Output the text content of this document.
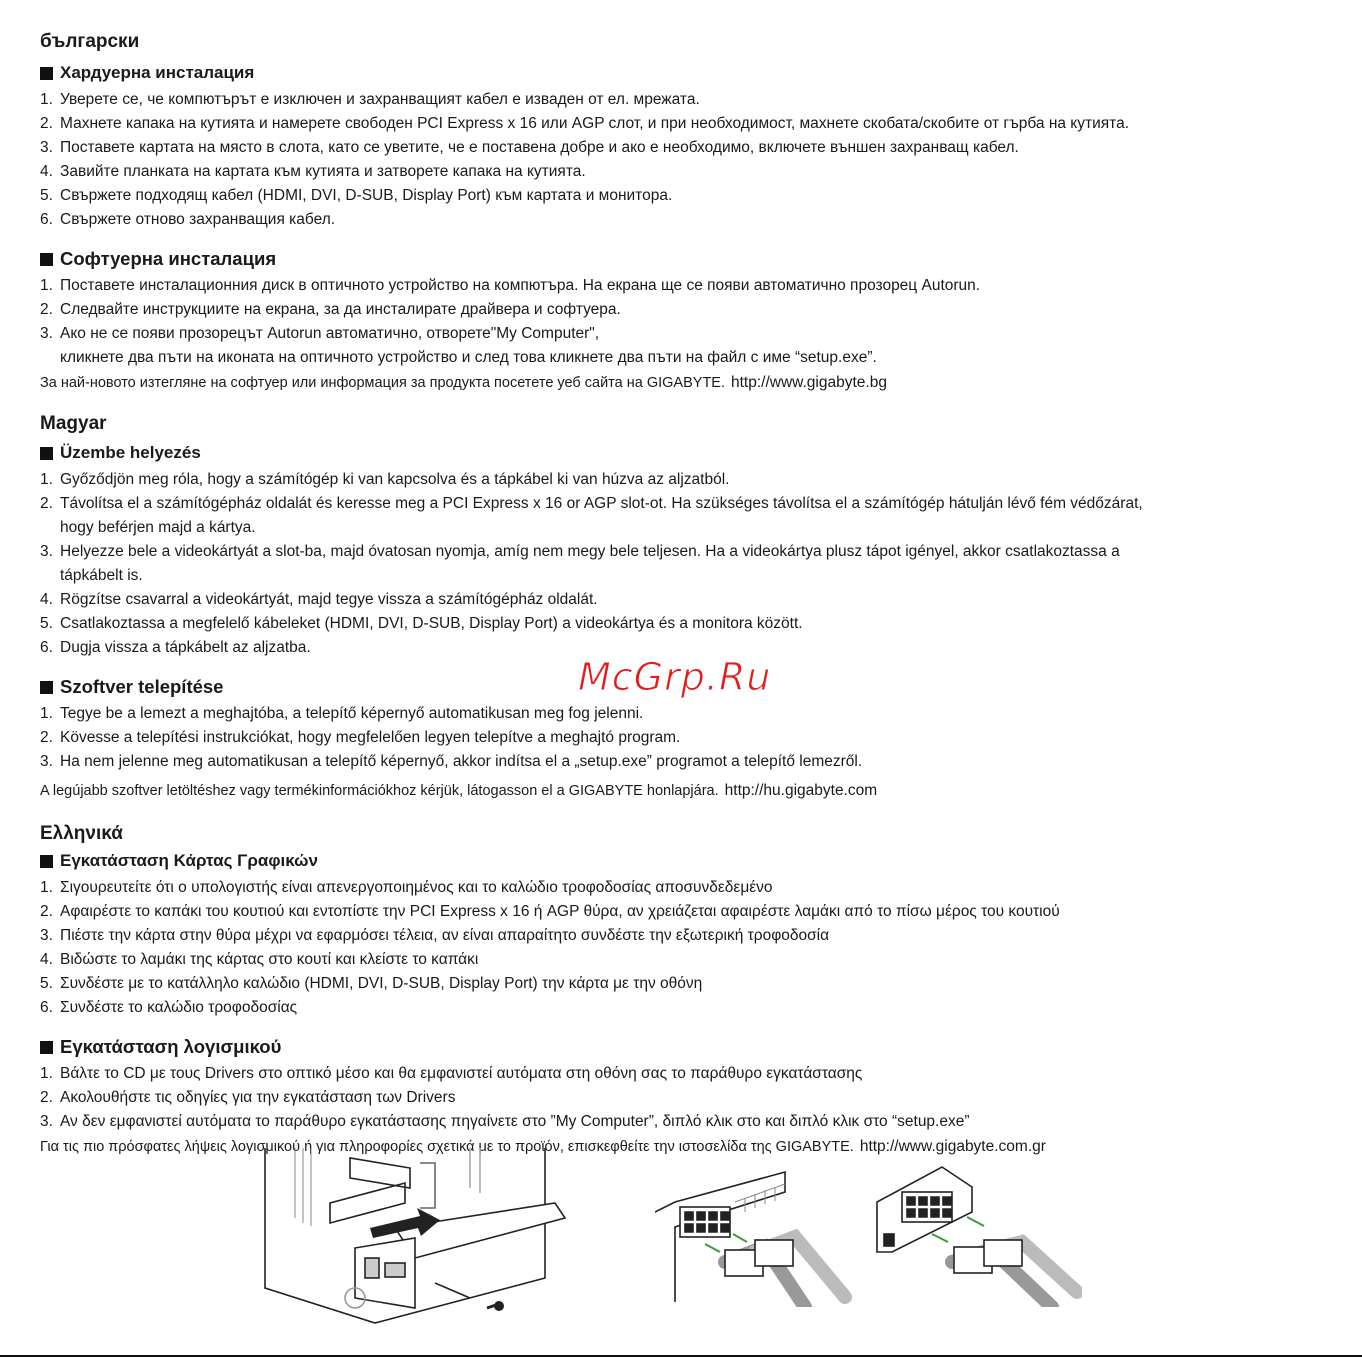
български
Хардуерна инсталация
1. Уверете се, че компютърът е изключен и захранващият кабел е изваден от ел. мрежата.
2. Махнете капака на кутията и намерете свободен PCI Express x 16 или AGP слот, и при необходимост, махнете скобата/скобите от гърба на кутията.
3. Поставете картата на място в слота, като се уветите, че е поставена добре и ако е необходимо, включете външен захранващ кабел.
4. Завийте планката на картата към кутията и затворете капака на кутията.
5. Свържете подходящ кабел (HDMI, DVI, D-SUB, Display Port) към картата и монитора.
6. Свържете отново захранващия кабел.
Софтуерна инсталация
1. Поставете инсталационния диск в оптичното устройство на компютъра. На екрана ще се появи автоматично прозорец Autorun.
2. Следвайте инструкциите на екрана, за да инсталирате драйвера и софтуера.
3. Ако не се появи прозорецът Autorun автоматично, отворете"My Computer",
кликнете два пъти на иконата на оптичното устройство и след това кликнете два пъти на файл с име “setup.exe”.
За най-новото изтегляне на софтуер или информация за продукта посетете уеб сайта на GIGABYTE. http://www.gigabyte.bg
Magyar
Üzembe helyezés
1. Győződjön meg róla, hogy a számítógép ki van kapcsolva és a tápkábel ki van húzva az aljzatból.
2. Távolítsa el a számítógépház oldalát és keresse meg a PCI Express x 16 or AGP slot-ot. Ha szükséges távolítsa el a számítógép hátulján lévő fém védőzárat,
hogy beférjen majd a kártya.
3. Helyezze bele a videokártyát a slot-ba, majd óvatosan nyomja, amíg nem megy bele teljesen. Ha a videokártya plusz tápot igényel, akkor csatlakoztassa a
tápkábelt is.
4. Rögzítse csavarral a videokártyát, majd tegye vissza a számítógépház oldalát.
5. Csatlakoztassa a megfelelő kábeleket (HDMI, DVI, D-SUB, Display Port) a videokártya és a monitora között.
6. Dugja vissza a tápkábelt az aljzatba.
Szoftver telepítése
1. Tegye be a lemezt a meghajtóba, a telepítő képernyő automatikusan meg fog jelenni.
2. Kövesse a telepítési instrukciókat, hogy megfelelően legyen telepítve a meghajtó program.
3. Ha nem jelenne meg automatikusan a telepítő képernyő, akkor indítsa el a „setup.exe” programot a telepítő lemezről.
A legújabb szoftver letöltéshez vagy termékinformációkhoz kérjük, látogasson el a GIGABYTE honlapjára. http://hu.gigabyte.com
Ελληνικά
Εγκατάσταση Κάρτας Γραφικών
1. Σιγουρευτείτε ότι ο υπολογιστής είναι απενεργοποιημένος και το καλώδιο τροφοδοσίας αποσυνδεδεμένο
2. Αφαιρέστε το καπάκι του κουτιού και εντοπίστε την PCI Express x 16 ή AGP θύρα, αν χρειάζεται αφαιρέστε λαμάκι από το πίσω μέρος του κουτιού
3. Πιέστε την κάρτα στην θύρα μέχρι να εφαρμόσει τέλεια, αν είναι απαραίτητο συνδέστε την εξωτερική τροφοδοσία
4. Βιδώστε το λαμάκι της κάρτας στο κουτί και κλείστε το καπάκι
5. Συνδέστε με το κατάλληλο καλώδιο (HDMI, DVI, D-SUB, Display Port) την κάρτα με την οθόνη
6. Συνδέστε το καλώδιο τροφοδοσίας
Εγκατάσταση λογισμικού
1. Βάλτε το CD με τους Drivers στο οπτικό μέσο και θα εμφανιστεί αυτόματα στη οθόνη σας το παράθυρο εγκατάστασης
2. Ακολουθήστε τις οδηγίες για την εγκατάσταση των Drivers
3. Αν δεν εμφανιστεί αυτόματα το παράθυρο εγκατάστασης πηγαίνετε στο ”My Computer”, διπλό κλικ στο και διπλό κλικ στο “setup.exe”
Για τις πιο πρόσφατες λήψεις λογισμικού ή για πληροφορίες σχετικά με το προϊόν, επισκεφθείτε την ιστοσελίδα της GIGABYTE. http://www.gigabyte.com.gr
McGrp.Ru
